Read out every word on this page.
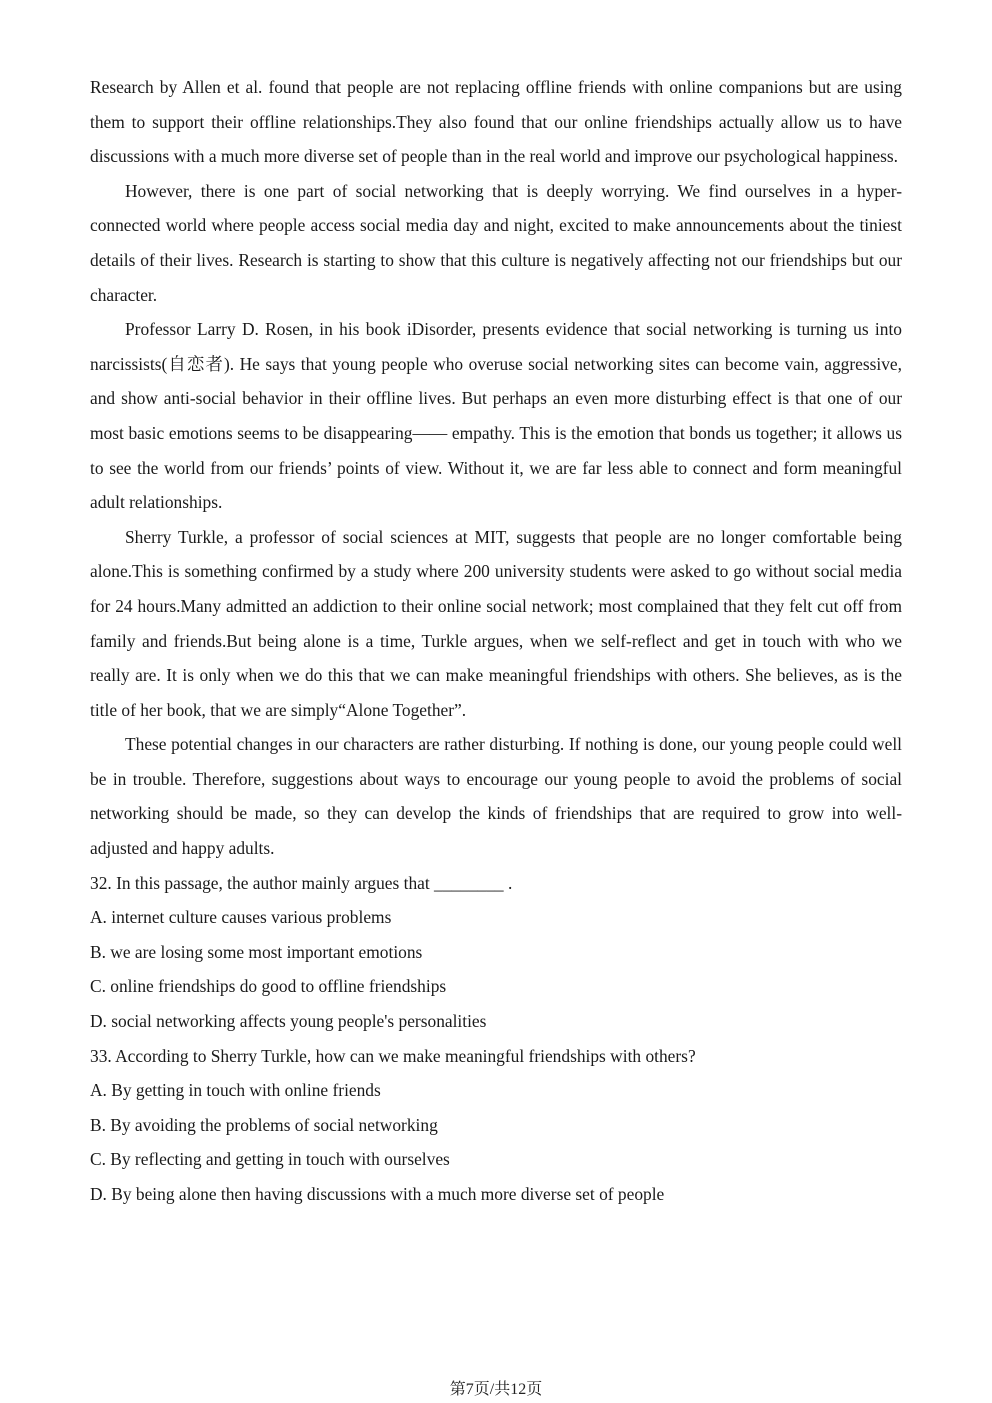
Research by Allen et al. found that people are not replacing offline friends with online companions but are using them to support their offline relationships.They also found that our online friendships actually allow us to have discussions with a much more diverse set of people than in the real world and improve our psychological happiness.

However, there is one part of social networking that is deeply worrying. We find ourselves in a hyper-connected world where people access social media day and night, excited to make announcements about the tiniest details of their lives. Research is starting to show that this culture is negatively affecting not our friendships but our character.

Professor Larry D. Rosen, in his book iDisorder, presents evidence that social networking is turning us into narcissists(自恋者). He says that young people who overuse social networking sites can become vain, aggressive, and show anti-social behavior in their offline lives. But perhaps an even more disturbing effect is that one of our most basic emotions seems to be disappearing—— empathy. This is the emotion that bonds us together; it allows us to see the world from our friends’ points of view. Without it, we are far less able to connect and form meaningful adult relationships.

Sherry Turkle, a professor of social sciences at MIT, suggests that people are no longer comfortable being alone.This is something confirmed by a study where 200 university students were asked to go without social media for 24 hours.Many admitted an addiction to their online social network; most complained that they felt cut off from family and friends.But being alone is a time, Turkle argues, when we self-reflect and get in touch with who we really are. It is only when we do this that we can make meaningful friendships with others. She believes, as is the title of her book, that we are simply“Alone Together”.

These potential changes in our characters are rather disturbing. If nothing is done, our young people could well be in trouble. Therefore, suggestions about ways to encourage our young people to avoid the problems of social networking should be made, so they can develop the kinds of friendships that are required to grow into well-adjusted and happy adults.

32. In this passage, the author mainly argues that ________ .

A. internet culture causes various problems

B. we are losing some most important emotions

C. online friendships do good to offline friendships

D. social networking affects young people's personalities

33. According to Sherry Turkle, how can we make meaningful friendships with others?

A. By getting in touch with online friends

B. By avoiding the problems of social networking

C. By reflecting and getting in touch with ourselves

D. By being alone then having discussions with a much more diverse set of people

第7页/共12页
